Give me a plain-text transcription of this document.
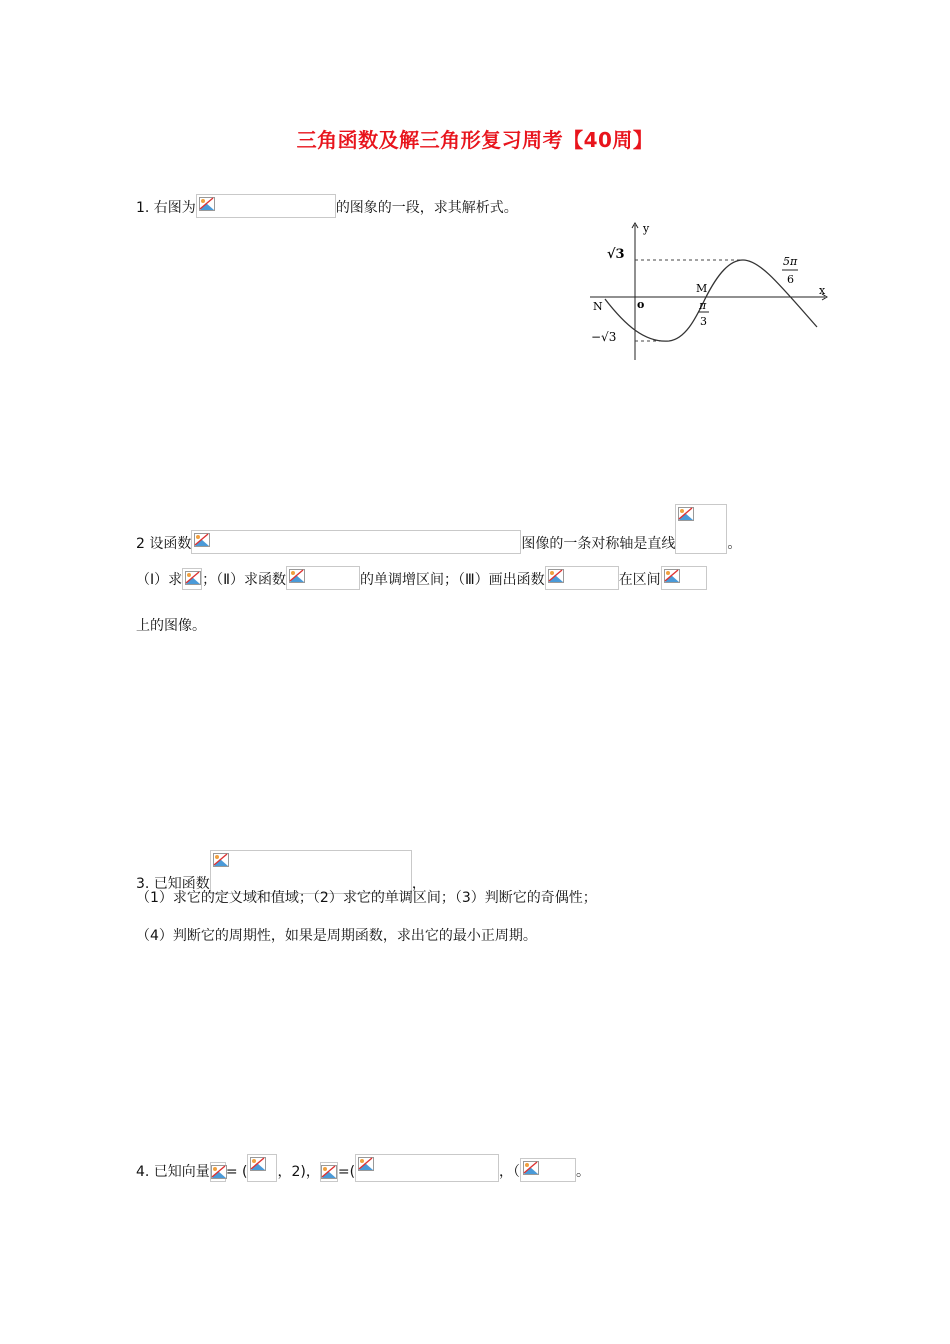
三角函数及解三角形复习周考【40周】
1. 右图为	的图象的一段，求其解析式。
y
x
o
√3
−√3
N
M
π
3
5π
6
2 设函数	图像的一条对称轴是直线	。
（Ⅰ）求 ；（Ⅱ）求函数	的单调增区间；（Ⅲ）画出函数	在区间
上的图像。
3. 已知函数	，
（1）求它的定义域和值域；（2）求它的单调区间；（3）判断它的奇偶性；
（4）判断它的周期性，如果是周期函数，求出它的最小正周期。
4. 已知向量 = ( ，2)， =(	，（	。
